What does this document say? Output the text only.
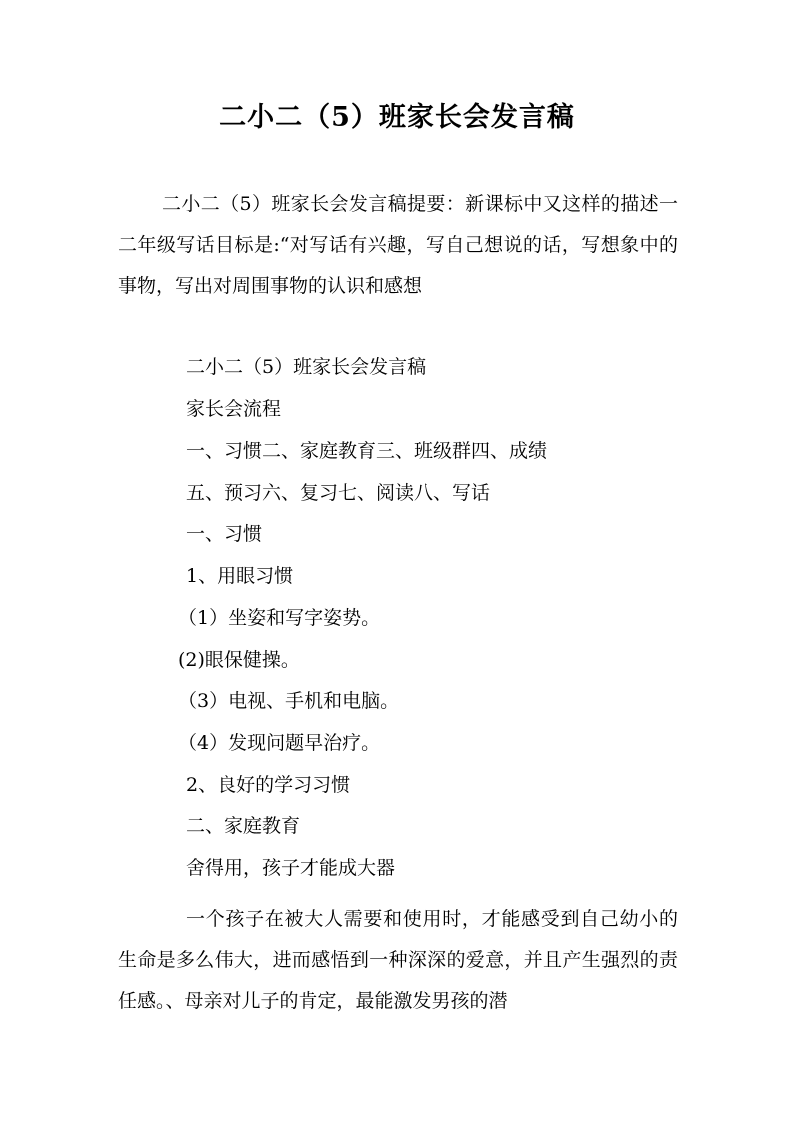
二小二（5）班家长会发言稿
二小二（5）班家长会发言稿提要：新课标中又这样的描述一二年级写话目标是:“对写话有兴趣，写自己想说的话，写想象中的事物，写出对周围事物的认识和感想
二小二（5）班家长会发言稿
家长会流程
一、习惯二、家庭教育三、班级群四、成绩
五、预习六、复习七、阅读八、写话
一、习惯
1、用眼习惯
（1）坐姿和写字姿势。
(2)眼保健操。
（3）电视、手机和电脑。
（4）发现问题早治疗。
2、良好的学习习惯
二、家庭教育
舍得用，孩子才能成大器
一个孩子在被大人需要和使用时，才能感受到自己幼小的生命是多么伟大，进而感悟到一种深深的爱意，并且产生强烈的责任感。、母亲对儿子的肯定，最能激发男孩的潜
